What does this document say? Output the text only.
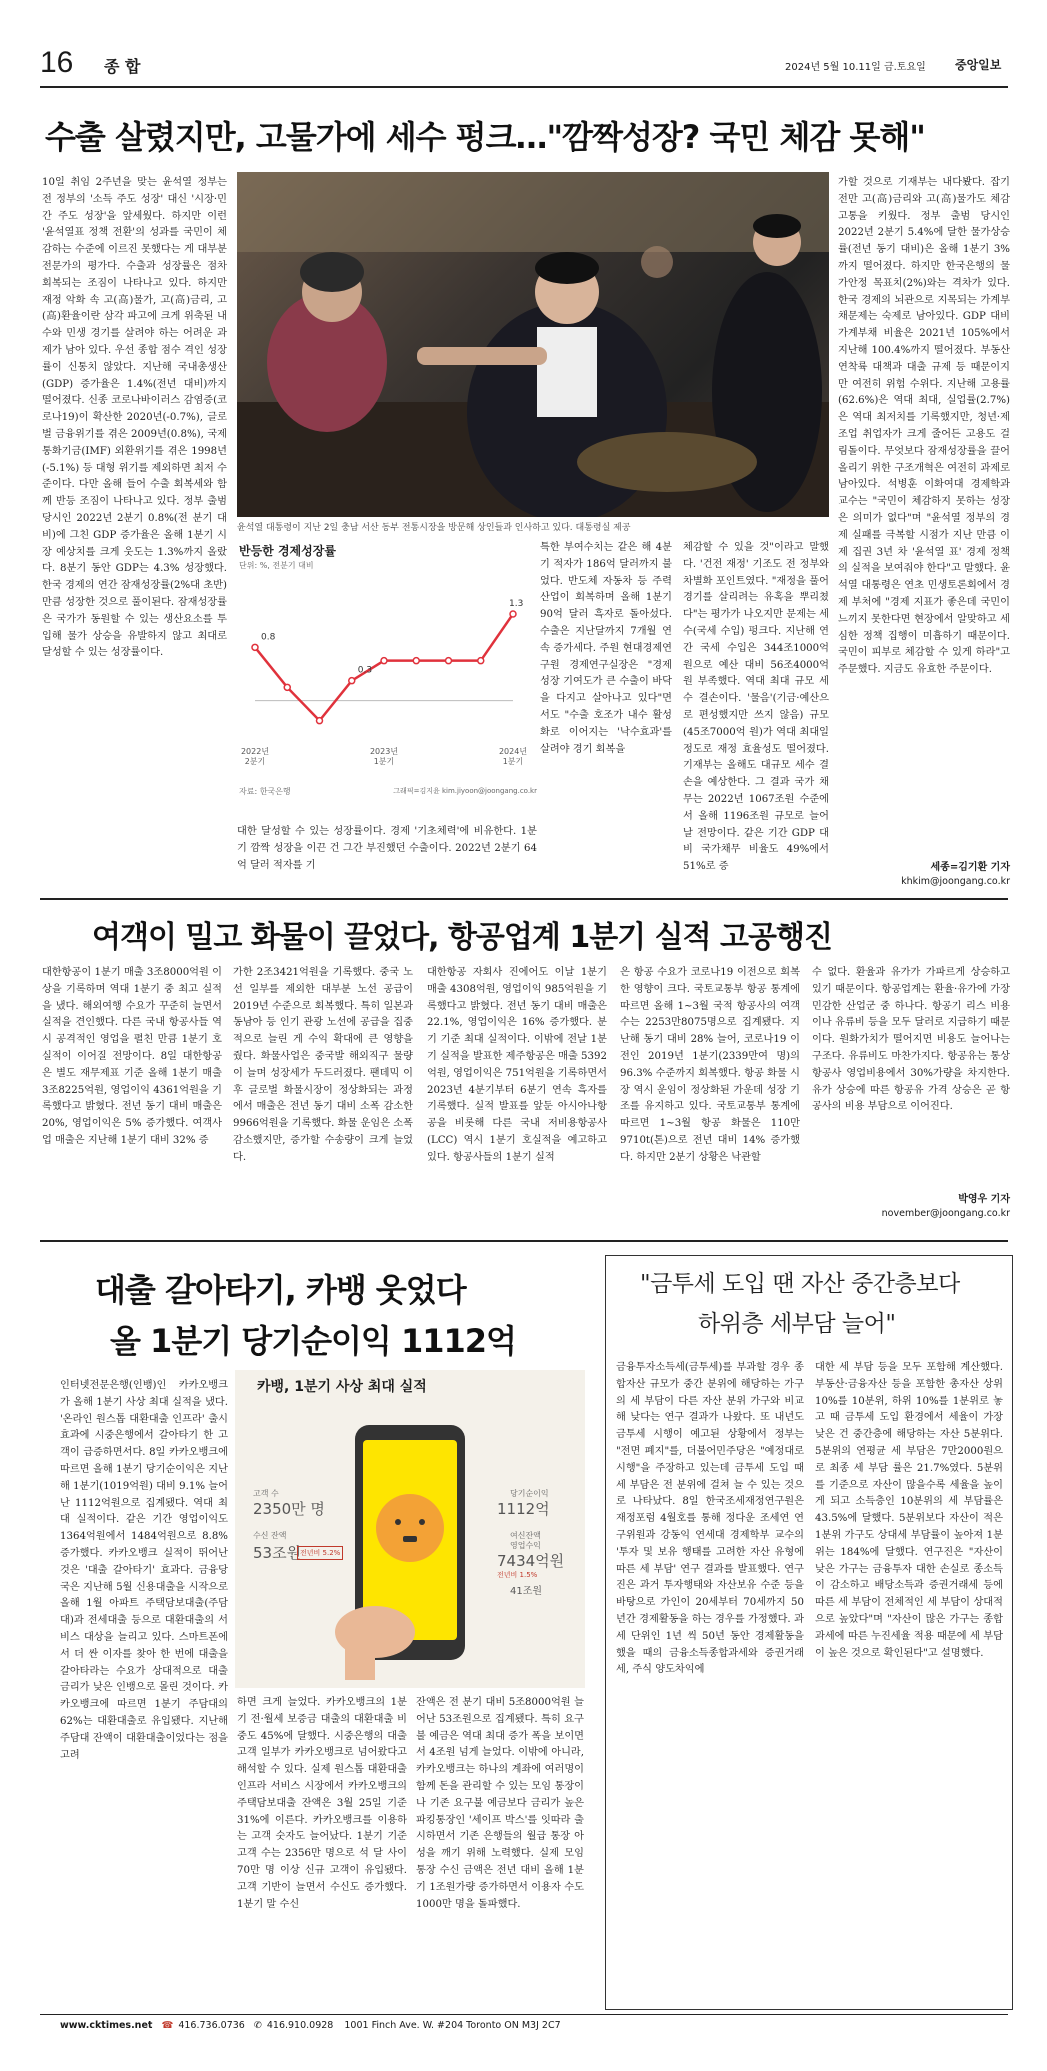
16 종 합	2024년 5월 10.11일 금.토요일 중앙일보
수출 살렸지만, 고물가에 세수 펑크…"깜짝성장? 국민 체감 못해"
윤석열 대통령이 지난 2일 충남 서산 동부 전통시장을 방문해 상인들과 인사하고 있다. 대통령실 제공
반등한 경제성장률
단위: %, 전분기 대비
0.8
0.3
1.3
2022년 2분기
2023년 1분기
2024년 1분기
자료: 한국은행	그래픽=김지윤 kim.jiyoon@joongang.co.kr
10일 취임 2주년을 맞는 윤석열 정부는 전 정부의 '소득 주도 성장' 대신 '시장·민간 주도 성장'을 앞세웠다. 하지만 이런 '윤석열표 정책 전환'의 성과를 국민이 체감하는 수준에 이르진 못했다는 게 대부분 전문가의 평가다. 수출과 성장률은 점차 회복되는 조짐이 나타나고 있다. 하지만 재정 악화 속 고(高)물가, 고(高)금리, 고(高)환율이란 삼각 파고에 크게 위축된 내수와 민생 경기를 살려야 하는 어려운 과제가 남아 있다. 우선 종합 점수 격인 성장률이 신통치 않았다. 지난해 국내총생산(GDP) 증가율은 1.4%(전년 대비)까지 떨어졌다. 신종 코로나바이러스 감염증(코로나19)이 확산한 2020년(-0.7%), 글로벌 금융위기를 겪은 2009년(0.8%), 국제통화기금(IMF) 외환위기를 겪은 1998년(-5.1%) 등 대형 위기를 제외하면 최저 수준이다. 다만 올해 들어 수출 회복세와 함께 반등 조짐이 나타나고 있다. 정부 출범 당시인 2022년 2분기 0.8%(전 분기 대비)에 그친 GDP 증가율은 올해 1분기 시장 예상치를 크게 웃도는 1.3%까지 올랐다. 8분기 동안 GDP는 4.3% 성장했다. 한국 경제의 연간 잠재성장률(2%대 초반)만큼 성장한 것으로 풀이된다. 잠재성장률은 국가가 동원할 수 있는 생산요소를 투입해 물가 상승을 유발하지 않고 최대로 달성할 수 있는 성장률이다.
특한 부여수치는 같은 해 4분기 적자가 186억 달러까지 불었다. 반도체 자동차 등 주력 산업이 회복하며 올해 1분기 90억 달러 흑자로 돌아섰다. 수출은 지난달까지 7개월 연속 증가세다. 주원 현대경제연구원 경제연구실장은 "경제 성장 기여도가 큰 수출이 바닥을 다지고 살아나고 있다"면서도 "수출 호조가 내수 활성화로 이어지는 '낙수효과'를 살려야 경기 회복을
대한 달성할 수 있는 성장률이다. 경제 '기초체력'에 비유한다. 1분기 깜짝 성장을 이끈 건 그간 부진했던 수출이다. 2022년 2분기 64억 달러 적자를 기
체감할 수 있을 것"이라고 말했다. '건전 재정' 기조도 전 정부와 차별화 포인트였다. "재정을 풀어 경기를 살리려는 유혹을 뿌리쳤다"는 평가가 나오지만 문제는 세수(국세 수입) 펑크다. 지난해 연간 국세 수입은 344조1000억 원으로 예산 대비 56조4000억 원 부족했다. 역대 최대 규모 세수 결손이다. '물음'(기금·예산으로 편성했지만 쓰지 않음) 규모(45조7000억 원)가 역대 최대일 정도로 재정 효율성도 떨어졌다. 기재부는 올해도 대규모 세수 결손을 예상한다. 그 결과 국가 채무는 2022년 1067조원 수준에서 올해 1196조원 규모로 늘어날 전망이다. 같은 기간 GDP 대비 국가채무 비율도 49%에서 51%로 증
가할 것으로 기재부는 내다봤다. 잡기 전만 고(高)금리와 고(高)물가도 체감 고통을 키웠다. 정부 출범 당시인 2022년 2분기 5.4%에 달한 물가상승률(전년 동기 대비)은 올해 1분기 3%까지 떨어졌다. 하지만 한국은행의 물가안정 목표치(2%)와는 격차가 있다. 한국 경제의 뇌관으로 지목되는 가계부채문제는 숙제로 남아있다. GDP 대비 가계부채 비율은 2021년 105%에서 지난해 100.4%까지 떨어졌다. 부동산 연착륙 대책과 대출 규제 등 때문이지만 여전히 위험 수위다. 지난해 고용률(62.6%)은 역대 최대, 실업률(2.7%)은 역대 최저치를 기록했지만, 청년·제조업 취업자가 크게 줄어든 고용도 걸림돌이다. 무엇보다 잠재성장률을 끌어올리기 위한 구조개혁은 여전히 과제로 남아있다. 석병훈 이화여대 경제학과 교수는 "국민이 체감하지 못하는 성장은 의미가 없다"며 "윤석열 정부의 경제 실패를 극복할 시점가 지난 만큼 이제 집권 3년 차 '윤석열 표' 경제 정책의 실적을 보여줘야 한다"고 말했다. 윤석열 대통령은 연초 민생토론회에서 경제 부처에 "경제 지표가 좋은데 국민이 느끼지 못한다면 현장에서 알맞하고 세심한 정책 집행이 미흡하기 때문이다. 국민이 피부로 체감할 수 있게 하라"고 주문했다. 지금도 유효한 주문이다.
세종=김기환 기자
khkim@joongang.co.kr
여객이 밀고 화물이 끌었다, 항공업계 1분기 실적 고공행진
대한항공이 1분기 매출 3조8000억원 이상을 기록하며 역대 1분기 중 최고 실적을 냈다. 해외여행 수요가 꾸준히 늘면서 실적을 견인했다. 다른 국내 항공사들 역시 공격적인 영업을 펼친 만큼 1분기 호실적이 이어질 전망이다. 8일 대한항공은 별도 재무제표 기준 올해 1분기 매출 3조8225억원, 영업이익 4361억원을 기록했다고 밝혔다. 전년 동기 대비 매출은 20%, 영업이익은 5% 증가했다. 여객사업 매출은 지난해 1분기 대비 32% 증
가한 2조3421억원을 기록했다. 중국 노선 일부를 제외한 대부분 노선 공급이 2019년 수준으로 회복했다. 특히 일본과 동남아 등 인기 관광 노선에 공급을 집중적으로 늘린 게 수익 확대에 큰 영향을 줬다. 화물사업은 중국발 해외직구 물량이 늘며 성장세가 두드러졌다. 팬데믹 이후 글로벌 화물시장이 정상화되는 과정에서 매출은 전년 동기 대비 소폭 감소한 9966억원을 기록했다. 화물 운임은 소폭 감소했지만, 증가할 수송량이 크게 늘었다.
대한항공 자회사 진에어도 이날 1분기 매출 4308억원, 영업이익 985억원을 기록했다고 밝혔다. 전년 동기 대비 매출은 22.1%, 영업이익은 16% 증가했다. 분기 기준 최대 실적이다. 이밖에 전날 1분기 실적을 발표한 제주항공은 매출 5392억원, 영업이익은 751억원을 기록하면서 2023년 4분기부터 6분기 연속 흑자를 기록했다. 실적 발표를 앞둔 아시아나항공을 비롯해 다른 국내 저비용항공사(LCC) 역시 1분기 호실적을 예고하고 있다. 항공사들의 1분기 실적
은 항공 수요가 코로나19 이전으로 회복한 영향이 크다. 국토교통부 항공 통계에 따르면 올해 1~3월 국적 항공사의 여객 수는 2253만8075명으로 집계됐다. 지난해 동기 대비 28% 늘어, 코로나19 이전인 2019년 1분기(2339만여 명)의 96.3% 수준까지 회복했다. 항공 화물 시장 역시 운임이 정상화된 가운데 성장 기조를 유지하고 있다. 국토교통부 통계에 따르면 1~3월 항공 화물은 110만9710t(톤)으로 전년 대비 14% 증가했다. 하지만 2분기 상황은 낙관할
수 없다. 환율과 유가가 가파르게 상승하고 있기 때문이다. 항공업계는 환율·유가에 가장 민감한 산업군 중 하나다. 항공기 리스 비용이나 유류비 등을 모두 달러로 지급하기 때문이다. 원화가치가 떨어지면 비용도 늘어나는 구조다. 유류비도 마찬가지다. 항공유는 통상 항공사 영업비용에서 30%가량을 차지한다. 유가 상승에 따른 항공유 가격 상승은 곧 항공사의 비용 부담으로 이어진다.
박영우 기자
november@joongang.co.kr
대출 갈아타기, 카뱅 웃었다
올 1분기 당기순이익 1112억
카뱅, 1분기 사상 최대 실적
고객 수
2350만 명
수신 잔액
53조원
전년비 5.2%
당기순이익
1112억
여신잔액
영업수익
7434억원
전년비 1.5%
41조원
인터넷전문은행(인뱅)인 카카오뱅크가 올해 1분기 사상 최대 실적을 냈다. '온라인 원스톱 대환대출 인프라' 출시 효과에 시중은행에서 갈아타기 한 고객이 급증하면서다. 8일 카카오뱅크에 따르면 올해 1분기 당기순이익은 지난해 1분기(1019억원) 대비 9.1% 늘어난 1112억원으로 집계됐다. 역대 최대 실적이다. 같은 기간 영업이익도 1364억원에서 1484억원으로 8.8% 증가했다. 카카오뱅크 실적이 뛰어난 것은 '대출 갈아타기' 효과다. 금융당국은 지난해 5월 신용대출을 시작으로 올해 1월 아파트 주택담보대출(주담대)과 전세대출 등으로 대환대출의 서비스 대상을 늘리고 있다. 스마트폰에서 더 싼 이자를 찾아 한 번에 대출을 갈아타라는 수요가 상대적으로 대출 금리가 낮은 인뱅으로 몰린 것이다. 카카오뱅크에 따르면 1분기 주담대의 62%는 대환대출로 유입됐다. 지난해 주담대 잔액이 대환대출이었다는 점을 고려
하면 크게 늘었다. 카카오뱅크의 1분기 전·월세 보증금 대출의 대환대출 비중도 45%에 달했다. 시중은행의 대출 고객 일부가 카카오뱅크로 넘어왔다고 해석할 수 있다. 실제 원스톱 대환대출 인프라 서비스 시장에서 카카오뱅크의 주택담보대출 잔액은 3월 25일 기준 31%에 이른다. 카카오뱅크를 이용하는 고객 숫자도 늘어났다. 1분기 기준 고객 수는 2356만 명으로 석 달 사이 70만 명 이상 신규 고객이 유입됐다. 고객 기반이 늘면서 수신도 증가했다. 1분기 말 수신
잔액은 전 분기 대비 5조8000억원 늘어난 53조원으로 집계됐다. 특히 요구불 예금은 역대 최대 증가 폭을 보이면서 4조원 넘게 늘었다. 이밖에 아니라, 카카오뱅크는 하나의 계좌에 여러명이 함께 돈을 관리할 수 있는 모임 통장이나 기존 요구불 예금보다 금리가 높은 파킹통장인 '세이프 박스'를 잇따라 출시하면서 기존 은행들의 월급 통장 아성을 깨기 위해 노력했다. 실제 모임 통장 수신 금액은 전년 대비 올해 1분기 1조원가량 증가하면서 이용자 수도 1000만 명을 돌파했다.
"금투세 도입 땐 자산 중간층보다
하위층 세부담 늘어"
금융투자소득세(금투세)를 부과할 경우 종합자산 규모가 중간 분위에 해당하는 가구의 세 부담이 다른 자산 분위 가구와 비교해 낮다는 연구 결과가 나왔다. 또 내년도 금투세 시행이 예고된 상황에서 정부는 "전면 폐지"를, 더불어민주당은 "예정대로 시행"을 주장하고 있는데 금투세 도입 때 세 부담은 전 분위에 걸쳐 늘 수 있는 것으로 나타났다. 8일 한국조세재정연구원은 재정포럼 4월호를 통해 정다운 조세연 연구위원과 강동익 연세대 경제학부 교수의 '투자 및 보유 행태를 고려한 자산 유형에 따른 세 부담' 연구 결과를 발표했다. 연구진은 과거 투자행태와 자산보유 수준 등을 바탕으로 가인이 20세부터 70세까지 50년간 경제활동을 하는 경우를 가정했다. 과세 단위인 1년 씩 50년 동안 경제활동을 했을 때의 금융소득종합과세와 증권거래세, 주식 양도차익에
대한 세 부담 등을 모두 포함해 계산했다. 부동산·금융자산 등을 포함한 총자산 상위 10%를 10분위, 하위 10%를 1분위로 놓고 때 금투세 도입 환경에서 세율이 가장 낮은 건 중간층에 해당하는 자산 5분위다. 5분위의 연평균 세 부담은 7만2000원으로 최종 세 부담 률은 21.7%였다. 5분위를 기준으로 자산이 많을수록 세율을 높이게 되고 소득층인 10분위의 세 부담률은 43.5%에 달했다. 5분위보다 자산이 적은 1분위 가구도 상대세 부담률이 높아져 1분위는 184%에 달했다. 연구진은 "자산이 낮은 가구는 금융투자 대한 손실로 종소득이 감소하고 배당소득과 증권거래세 등에 따른 세 부담이 전체적인 세 부담이 상대적으로 높았다"며 "자산이 많은 가구는 종합 과세에 따른 누진세율 적용 때문에 세 부담이 높은 것으로 확인된다"고 설명했다.
www.cktimes.net ☎ 416.736.0736 ✆ 416.910.0928 1001 Finch Ave. W. #204 Toronto ON M3J 2C7
